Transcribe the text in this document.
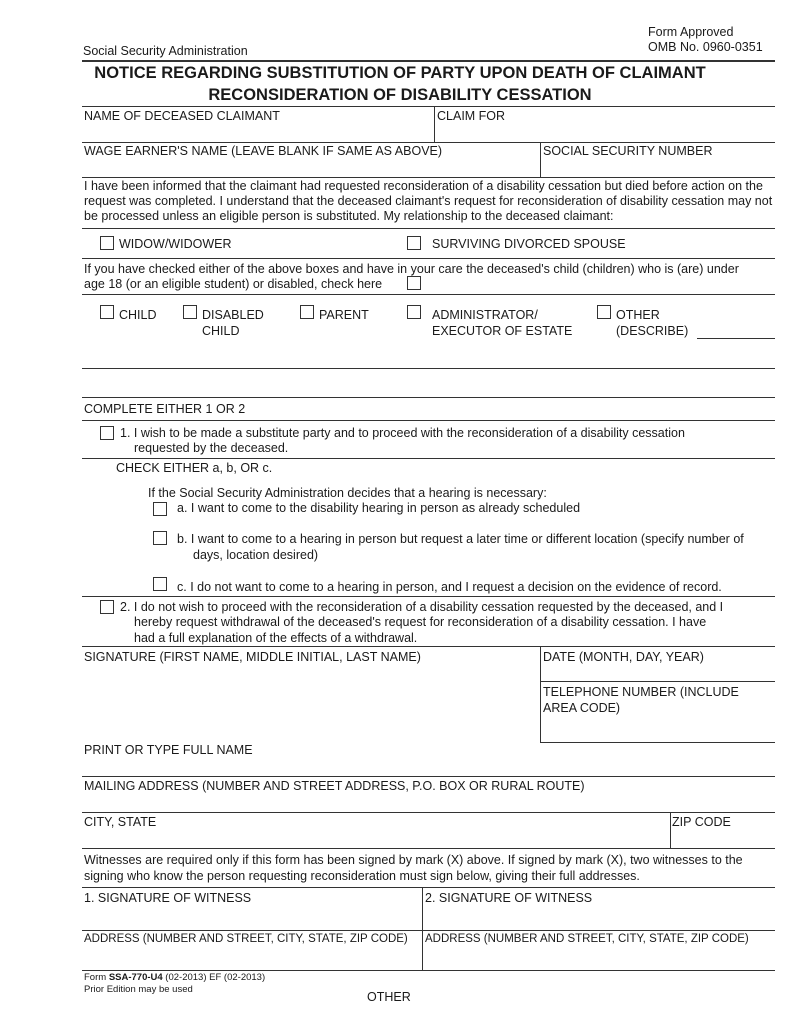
Form Approved
OMB No. 0960-0351
Social Security Administration
NOTICE REGARDING SUBSTITUTION OF PARTY UPON DEATH OF CLAIMANT
RECONSIDERATION OF DISABILITY CESSATION
NAME OF DECEASED CLAIMANT	CLAIM FOR
WAGE EARNER'S NAME (LEAVE BLANK IF SAME AS ABOVE)	SOCIAL SECURITY NUMBER
I have been informed that the claimant had requested reconsideration of a disability cessation but died before action on the request was completed. I understand that the deceased claimant's request for reconsideration of disability cessation may not be processed unless an eligible person is substituted. My relationship to the deceased claimant:
WIDOW/WIDOWER	SURVIVING DIVORCED SPOUSE
If you have checked either of the above boxes and have in your care the deceased's child (children) who is (are) under
age 18 (or an eligible student) or disabled, check here
CHILD	DISABLED
CHILD
PARENT	ADMINISTRATOR/
EXECUTOR OF ESTATE
OTHER
(DESCRIBE)
COMPLETE EITHER 1 OR 2
1. I wish to be made a substitute party and to proceed with the reconsideration of a disability cessation
requested by the deceased.
CHECK EITHER a, b, OR c.
If the Social Security Administration decides that a hearing is necessary:
a. I want to come to the disability hearing in person as already scheduled
b. I want to come to a hearing in person but request a later time or different location (specify number of
days, location desired)
c. I do not want to come to a hearing in person, and I request a decision on the evidence of record.
2. I do not wish to proceed with the reconsideration of a disability cessation requested by the deceased, and I
hereby request withdrawal of the deceased's request for reconsideration of a disability cessation. I have
had a full explanation of the effects of a withdrawal.
SIGNATURE (FIRST NAME, MIDDLE INITIAL, LAST NAME)	DATE (MONTH, DAY, YEAR)
TELEPHONE NUMBER (INCLUDE
AREA CODE)
PRINT OR TYPE FULL NAME
MAILING ADDRESS (NUMBER AND STREET ADDRESS, P.O. BOX OR RURAL ROUTE)
CITY, STATE	ZIP CODE
Witnesses are required only if this form has been signed by mark (X) above. If signed by mark (X), two witnesses to the
signing who know the person requesting reconsideration must sign below, giving their full addresses.
1. SIGNATURE OF WITNESS	2. SIGNATURE OF WITNESS
ADDRESS (NUMBER AND STREET, CITY, STATE, ZIP CODE) ADDRESS (NUMBER AND STREET, CITY, STATE, ZIP CODE)
Form SSA-770-U4 (02-2013) EF (02-2013)
Prior Edition may be used
OTHER
